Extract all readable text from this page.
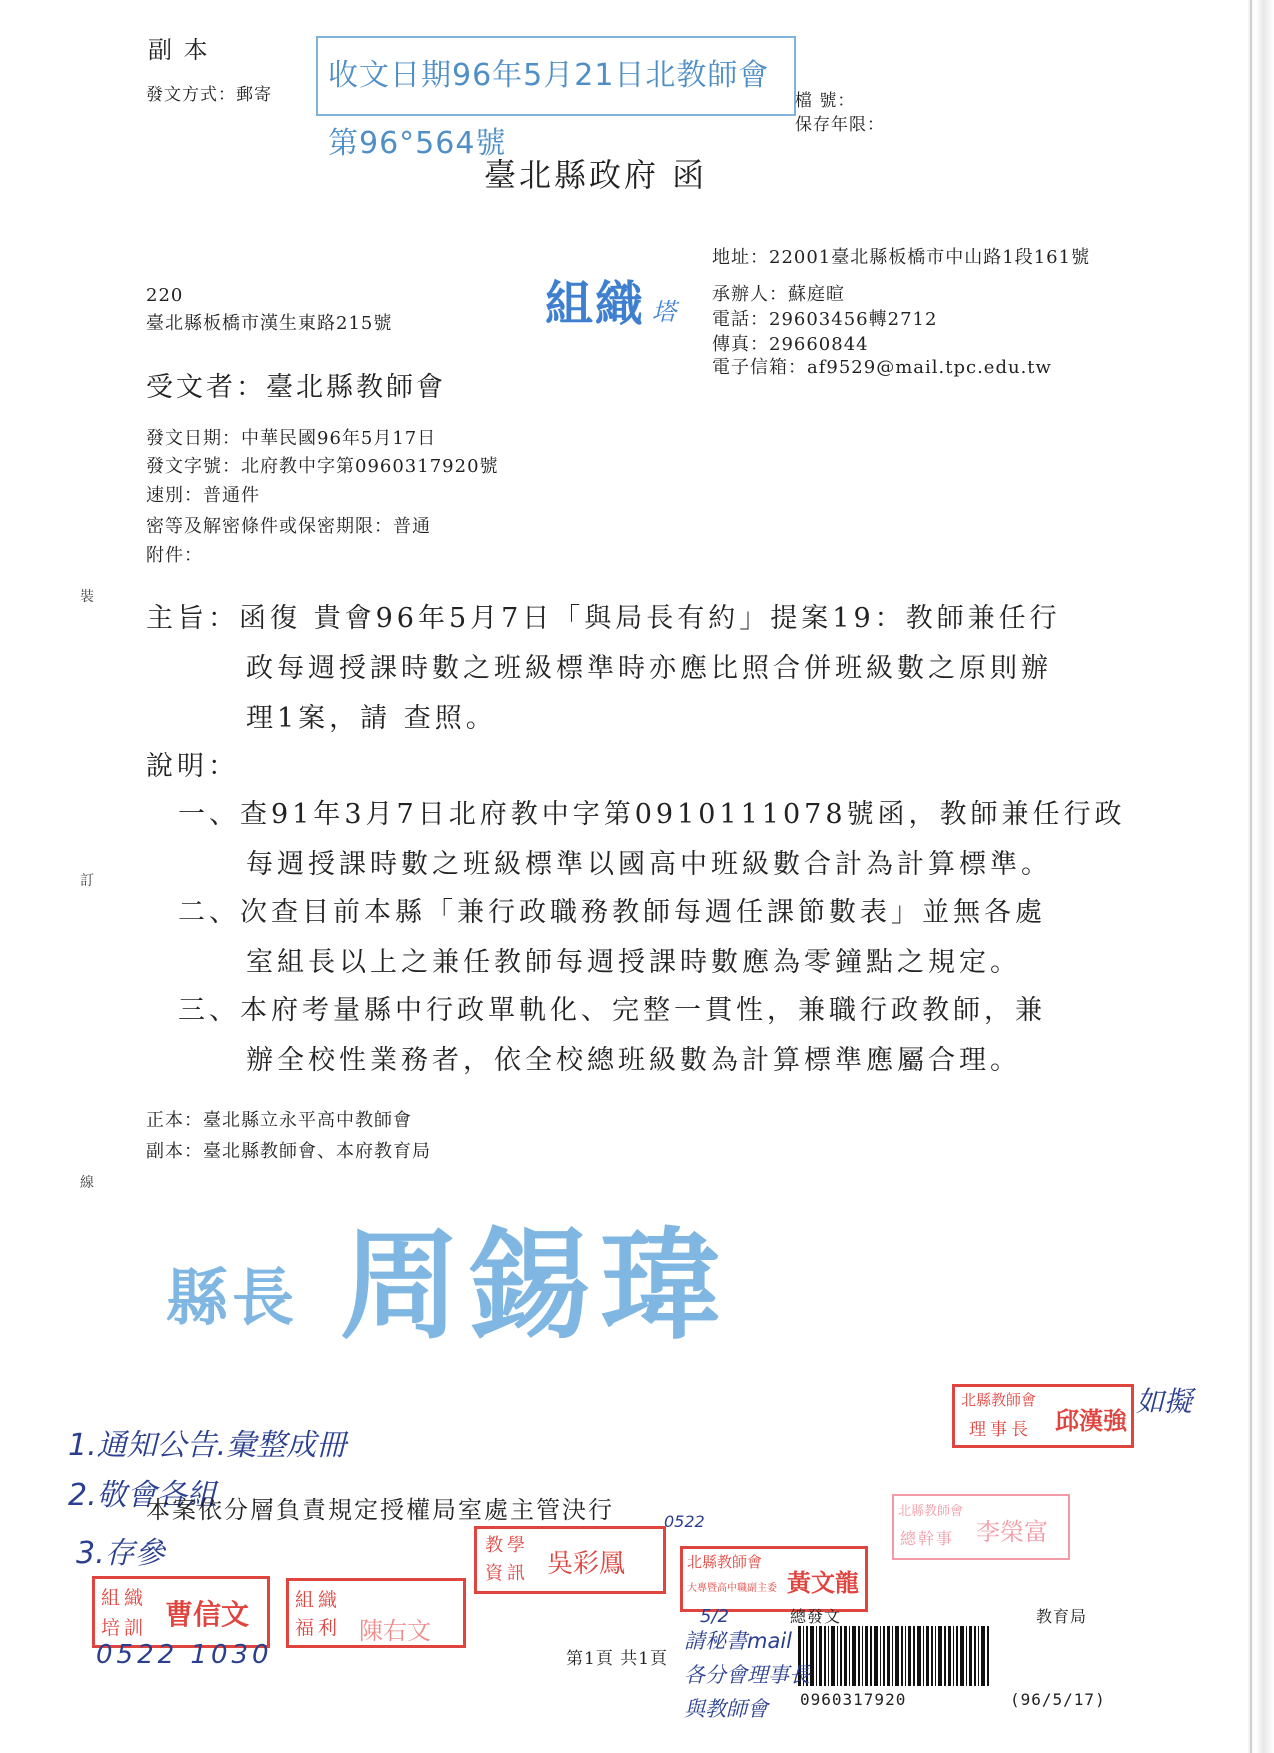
副 本
發文方式：郵寄
收文日期96年5月21日北教師會第96°564號
檔 號：
保存年限：
臺北縣政府 函
地址：22001臺北縣板橋市中山路1段161號
承辦人：蘇庭暄
電話：29603456轉2712
傳真：29660844
電子信箱：af9529@mail.tpc.edu.tw
組織 塔
220
臺北縣板橋市漢生東路215號
受文者：臺北縣教師會
發文日期：中華民國96年5月17日
發文字號：北府教中字第0960317920號
速別：普通件
密等及解密條件或保密期限：普通
附件：
裝
訂
線
主旨：函復 貴會96年5月7日「與局長有約」提案19：教師兼任行
政每週授課時數之班級標準時亦應比照合併班級數之原則辦
理1案，請 查照。
說明：
一、查91年3月7日北府教中字第0910111078號函，教師兼任行政
每週授課時數之班級標準以國高中班級數合計為計算標準。
二、次查目前本縣「兼行政職務教師每週任課節數表」並無各處
室組長以上之兼任教師每週授課時數應為零鐘點之規定。
三、本府考量縣中行政單軌化、完整一貫性，兼職行政教師，兼
辦全校性業務者，依全校總班級數為計算標準應屬合理。
正本：臺北縣立永平高中教師會
副本：臺北縣教師會、本府教育局
縣長 周錫瑋
北縣教師會
理事長 邱漢強
如擬
1.通知公告.彙整成冊
2.敬會各組
3.存參
本案依分層負責規定授權局室處主管決行	北縣教師會
總幹事 李榮富
教學
資訊 吳彩鳳
0522
北縣教師會
大專暨高中職副主委 黃文龍
組織
培訓 曹信文 組織
福利 陳右文
5/2
0522 1030	第1頁 共1頁
總發文	教育局
0960317920	(96/5/17)
請秘書mail
各分會理事長
與教師會
